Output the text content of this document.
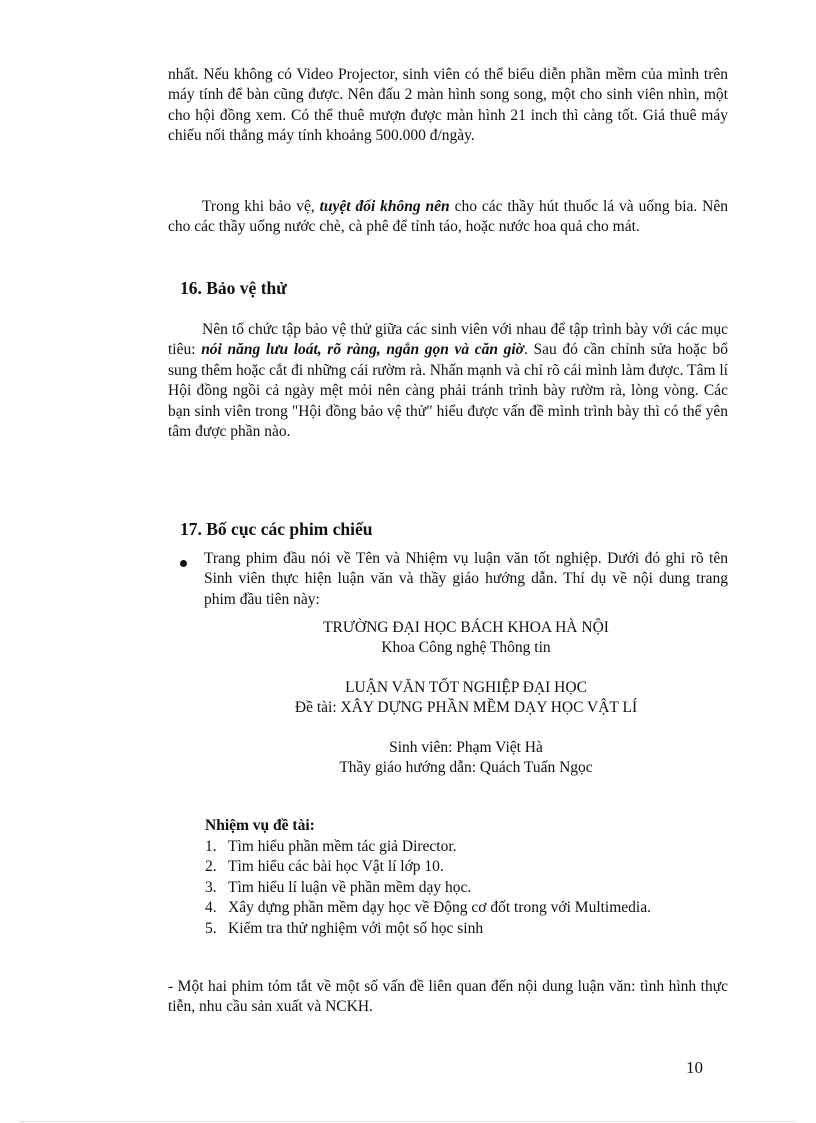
nhất. Nếu không có Video Projector, sinh viên có thể biểu diễn phần mềm của mình trên máy tính để bàn cũng được. Nên đấu 2 màn hình song song, một cho sinh viên nhìn, một cho hội đồng xem. Có thể thuê mượn được màn hình 21 inch thì càng tốt. Giá thuê máy chiếu nối thẳng máy tính khoảng 500.000 đ/ngày.

Trong khi bảo vệ, tuyệt đối không nên cho các thầy hút thuốc lá và uống bia. Nên cho các thầy uống nước chè, cà phê để tỉnh táo, hoặc nước hoa quả cho mát.

16. Bảo vệ thử

Nên tổ chức tập bảo vệ thử giữa các sinh viên với nhau để tập trình bày với các mục tiêu: nói năng lưu loát, rõ ràng, ngắn gọn và căn giờ. Sau đó cần chỉnh sửa hoặc bổ sung thêm hoặc cắt đi những cái rườm rà. Nhấn mạnh và chỉ rõ cái mình làm được. Tâm lí Hội đồng ngồi cả ngày mệt mỏi nên càng phải tránh trình bày rườm rà, lòng vòng. Các bạn sinh viên trong "Hội đồng bảo vệ thử" hiểu được vấn đề mình trình bày thì có thể yên tâm được phần nào.

17. Bố cục các phim chiếu

Trang phim đầu nói về Tên và Nhiệm vụ luận văn tốt nghiệp. Dưới đó ghi rõ tên Sinh viên thực hiện luận văn và thầy giáo hướng dẫn. Thí dụ về nội dung trang phim đầu tiên này:

TRƯỜNG ĐẠI HỌC BÁCH KHOA HÀ NỘI

Khoa Công nghệ Thông tin

LUẬN VĂN TỐT NGHIỆP ĐẠI HỌC

Đề tài: XÂY DỰNG PHẦN MỀM DẠY HỌC VẬT LÍ

Sinh viên: Phạm Việt Hà

Thầy giáo hướng dẫn: Quách Tuấn Ngọc

Nhiệm vụ đề tài:

1. Tìm hiểu phần mềm tác giả Director.
2. Tìm hiểu các bài học Vật lí lớp 10.
3. Tìm hiểu lí luận về phần mềm dạy học.
4. Xây dựng phần mềm dạy học về Động cơ đốt trong với Multimedia.
5. Kiểm tra thử nghiệm với một số học sinh

- Một hai phim tóm tắt về một số vấn đề liên quan đến nội dung luận văn: tình hình thực tiễn, nhu cầu sản xuất và NCKH.

10
